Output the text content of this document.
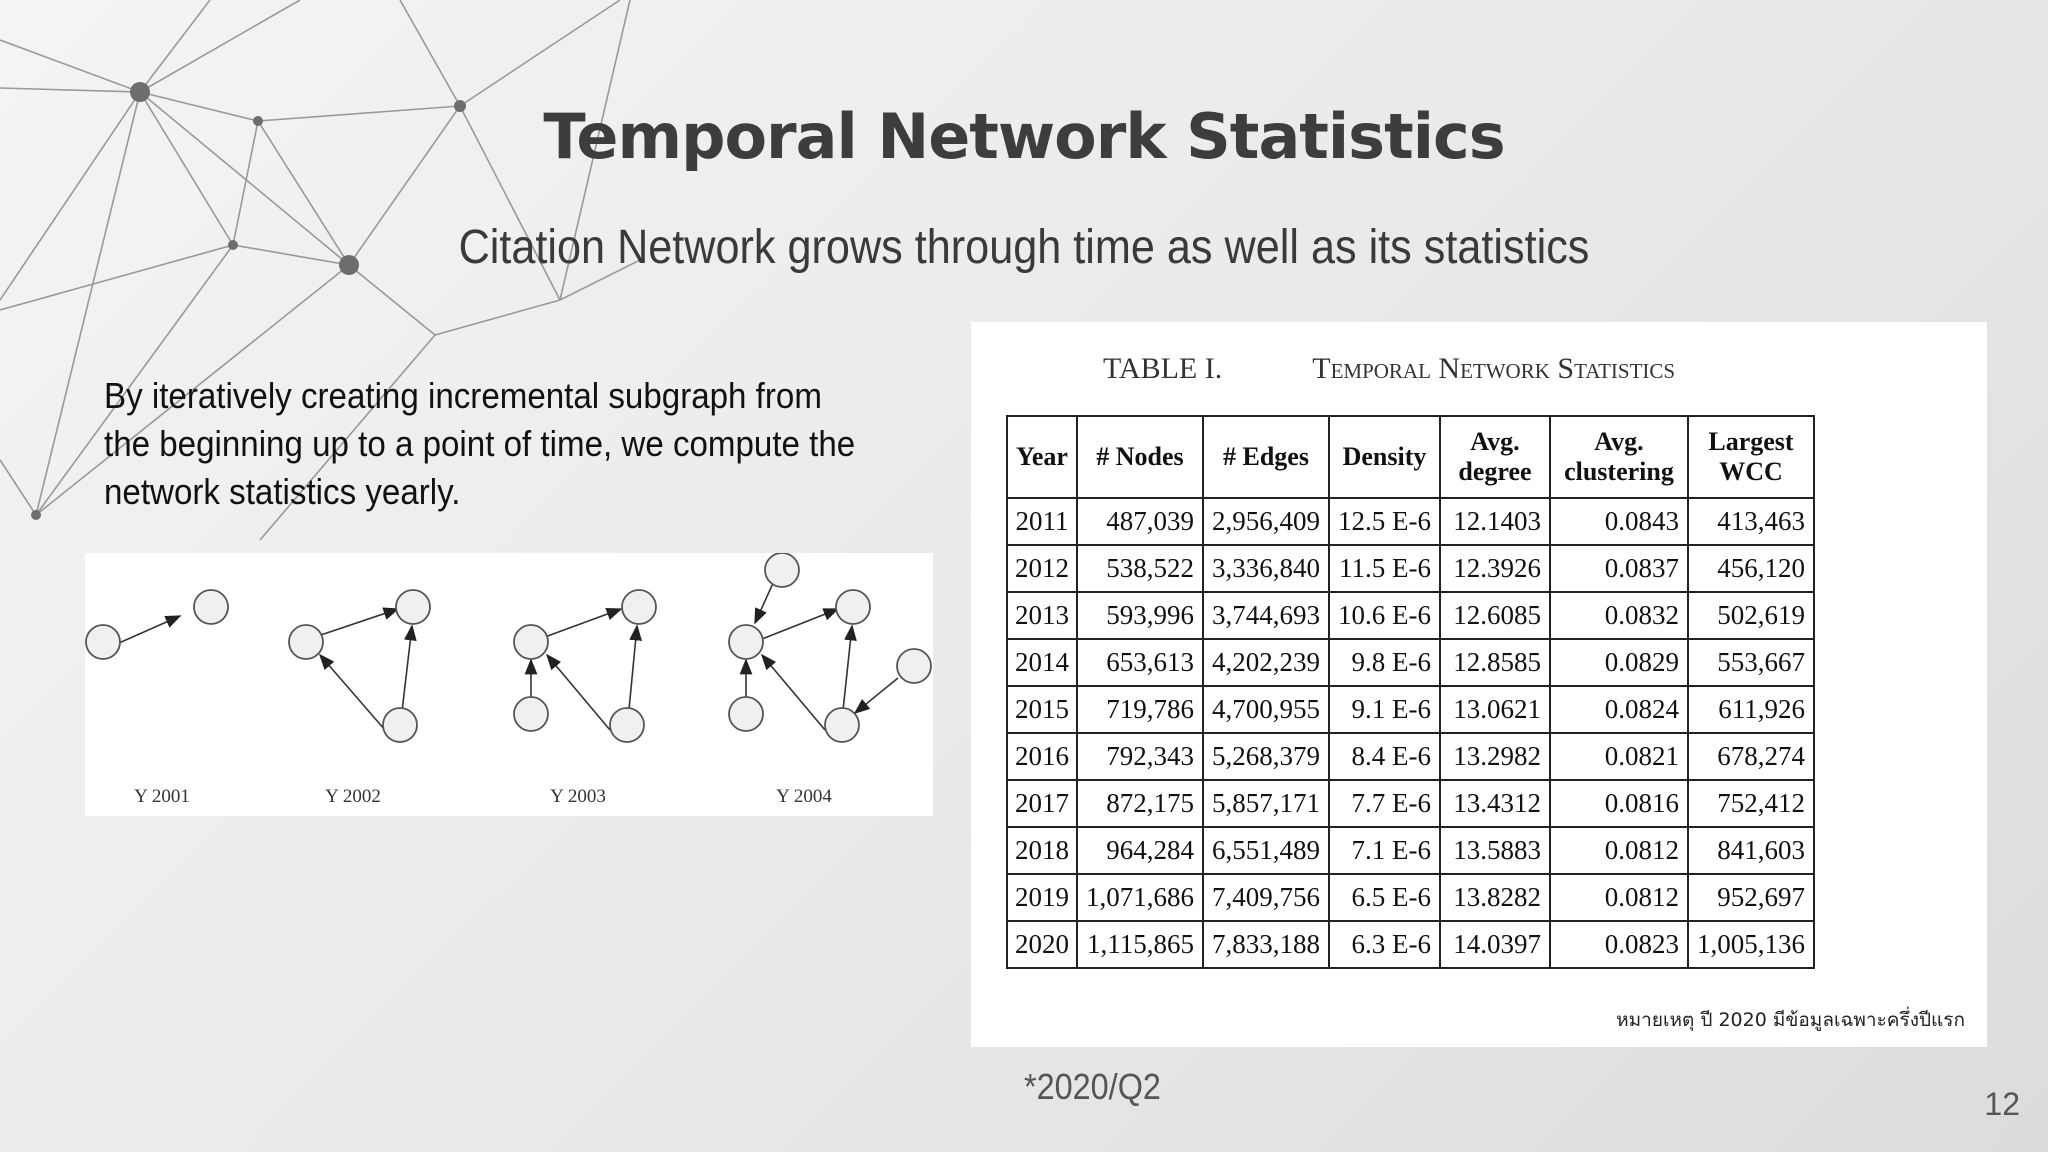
Temporal Network Statistics
Citation Network grows through time as well as its statistics
By iteratively creating incremental subgraph from the beginning up to a point of time, we compute the network statistics yearly.
Y 2001	Y 2002	Y 2003	Y 2004
TABLE I.	Temporal Network Statistics
Year	# Nodes	# Edges	Density	Avg. degree	Avg. clustering	Largest WCC
2011	487,039	2,956,409	12.5 E-6	12.1403	0.0843	413,463
2012	538,522	3,336,840	11.5 E-6	12.3926	0.0837	456,120
2013	593,996	3,744,693	10.6 E-6	12.6085	0.0832	502,619
2014	653,613	4,202,239	9.8 E-6	12.8585	0.0829	553,667
2015	719,786	4,700,955	9.1 E-6	13.0621	0.0824	611,926
2016	792,343	5,268,379	8.4 E-6	13.2982	0.0821	678,274
2017	872,175	5,857,171	7.7 E-6	13.4312	0.0816	752,412
2018	964,284	6,551,489	7.1 E-6	13.5883	0.0812	841,603
2019	1,071,686	7,409,756	6.5 E-6	13.8282	0.0812	952,697
2020	1,115,865	7,833,188	6.3 E-6	14.0397	0.0823	1,005,136
หมายเหตุ ปี 2020 มีข้อมูลเฉพาะครึ่งปีแรก
*2020/Q2	12
